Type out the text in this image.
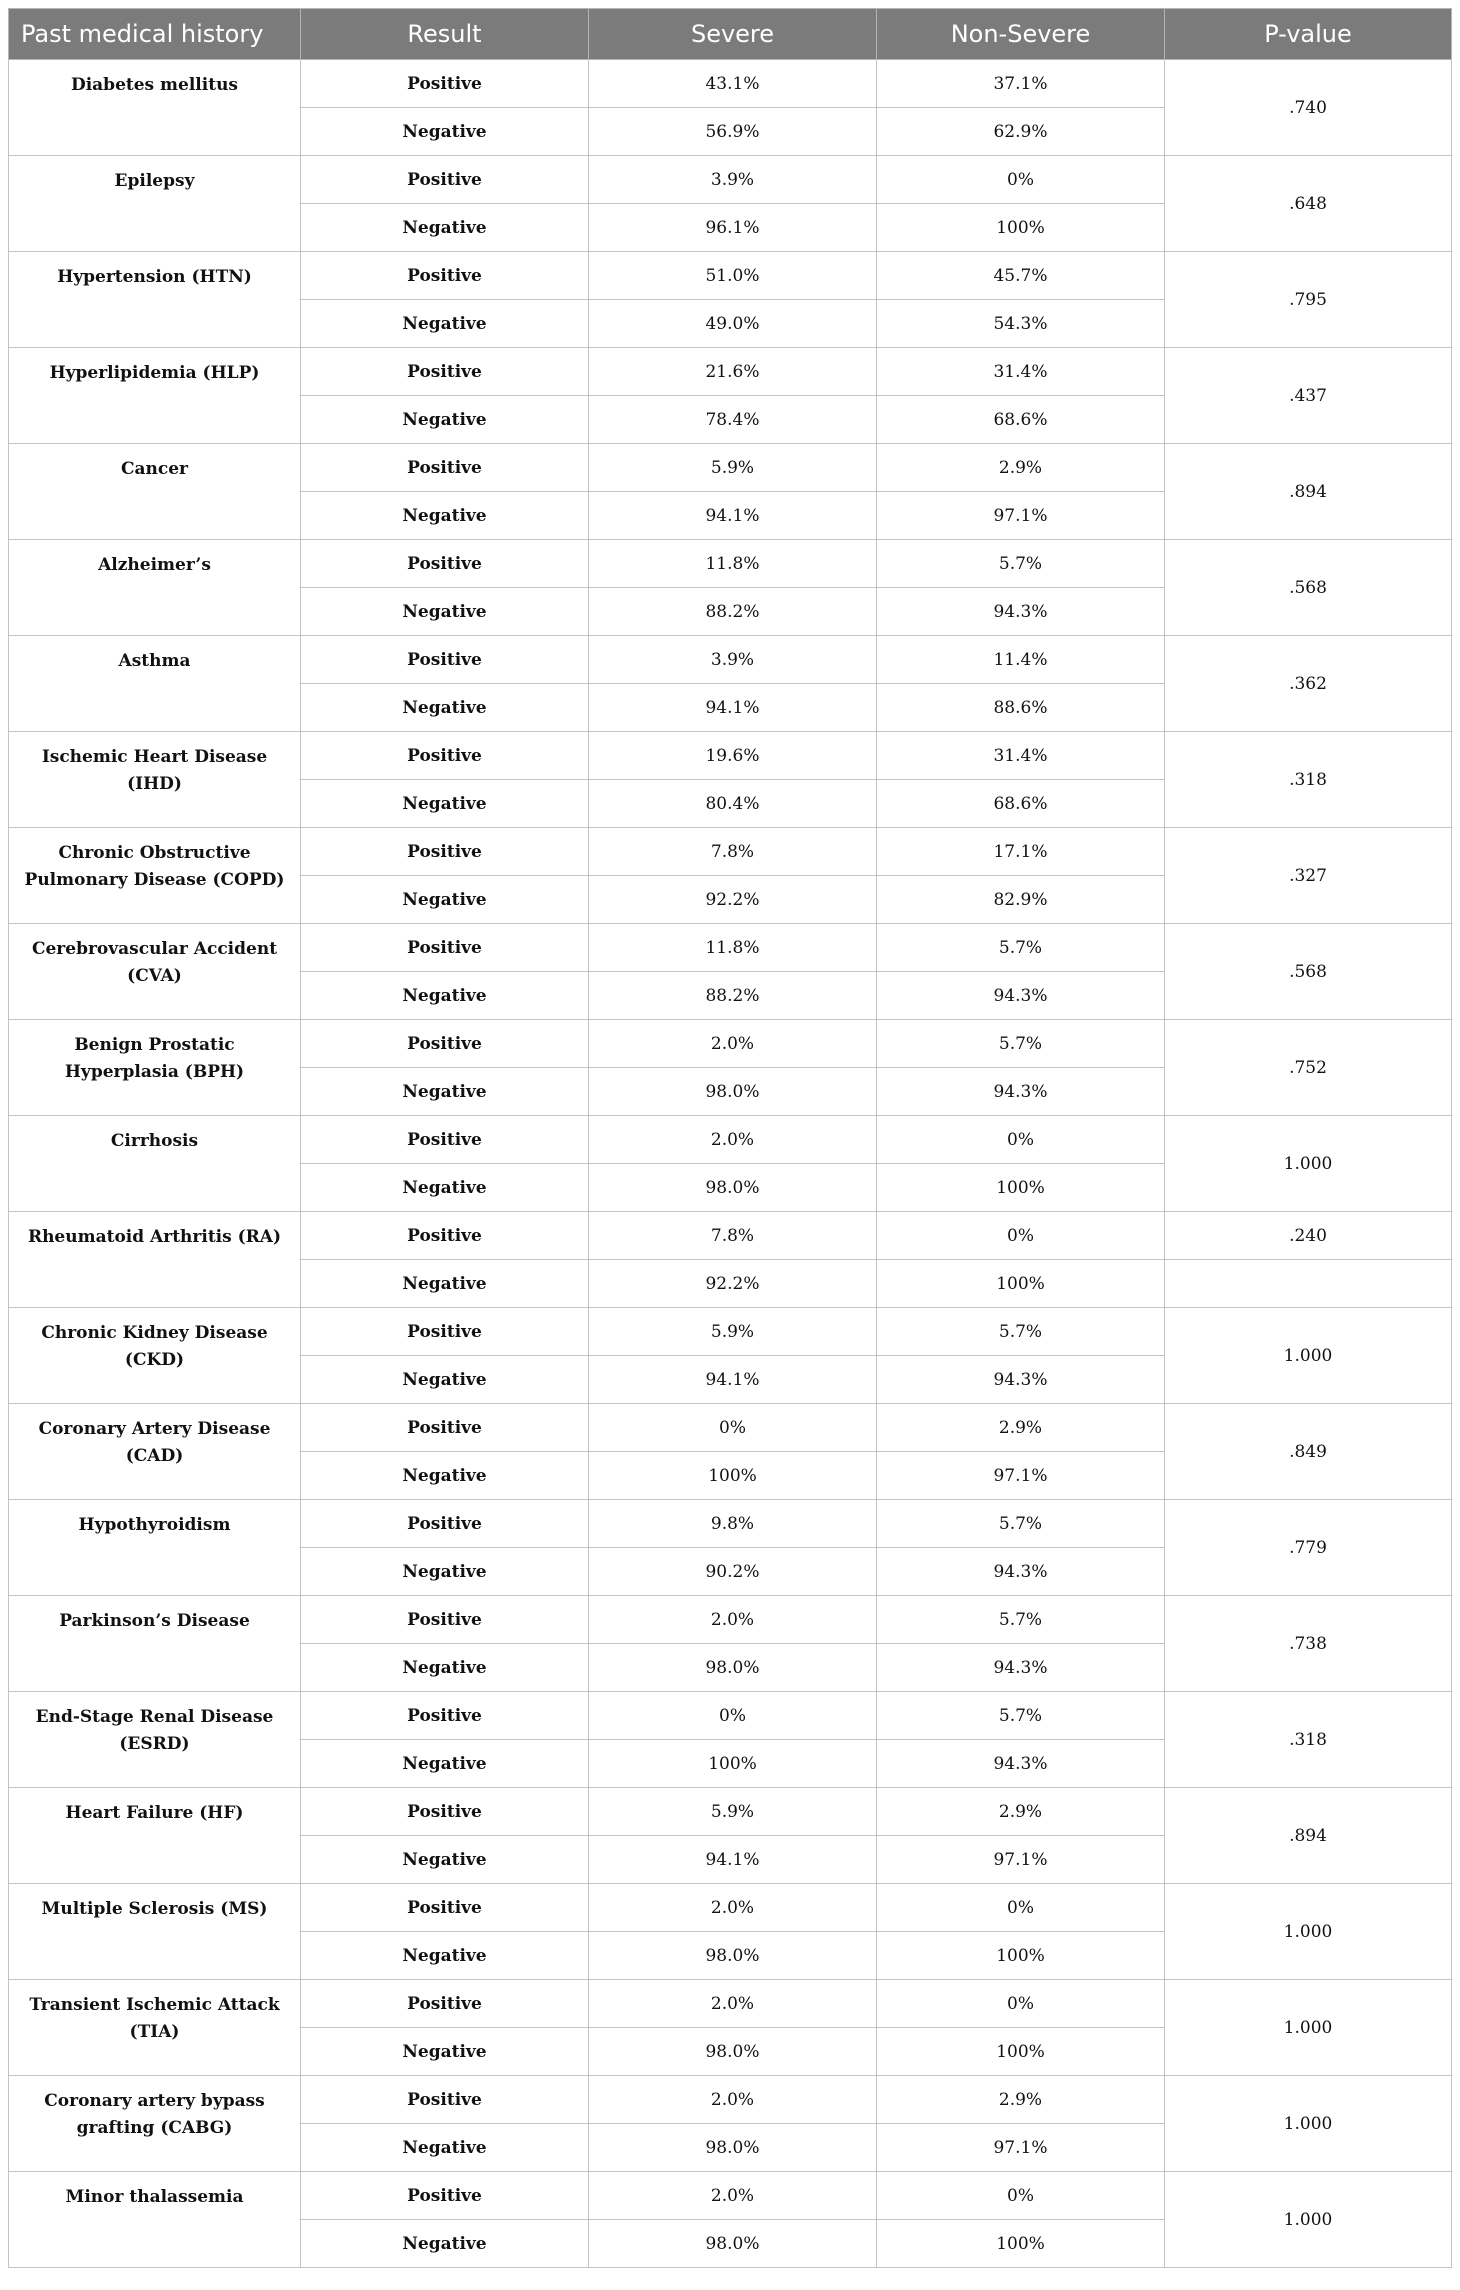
Past medical history	Result	Severe	Non-Severe	P-value
Diabetes mellitus	Positive	43.1%	37.1%	.740
	Negative	56.9%	62.9%	
Epilepsy	Positive	3.9%	0%	.648
	Negative	96.1%	100%	
Hypertension (HTN)	Positive	51.0%	45.7%	.795
	Negative	49.0%	54.3%	
Hyperlipidemia (HLP)	Positive	21.6%	31.4%	.437
	Negative	78.4%	68.6%	
Cancer	Positive	5.9%	2.9%	.894
	Negative	94.1%	97.1%	
Alzheimer’s	Positive	11.8%	5.7%	.568
	Negative	88.2%	94.3%	
Asthma	Positive	3.9%	11.4%	.362
	Negative	94.1%	88.6%	
Ischemic Heart Disease (IHD)	Positive	19.6%	31.4%	.318
	Negative	80.4%	68.6%	
Chronic Obstructive Pulmonary Disease (COPD)	Positive	7.8%	17.1%	.327
	Negative	92.2%	82.9%	
Cerebrovascular Accident (CVA)	Positive	11.8%	5.7%	.568
	Negative	88.2%	94.3%	
Benign Prostatic Hyperplasia (BPH)	Positive	2.0%	5.7%	.752
	Negative	98.0%	94.3%	
Cirrhosis	Positive	2.0%	0%	1.000
	Negative	98.0%	100%	
Rheumatoid Arthritis (RA)	Positive	7.8%	0%	.240
	Negative	92.2%	100%	
Chronic Kidney Disease (CKD)	Positive	5.9%	5.7%	1.000
	Negative	94.1%	94.3%	
Coronary Artery Disease (CAD)	Positive	0%	2.9%	.849
	Negative	100%	97.1%	
Hypothyroidism	Positive	9.8%	5.7%	.779
	Negative	90.2%	94.3%	
Parkinson’s Disease	Positive	2.0%	5.7%	.738
	Negative	98.0%	94.3%	
End-Stage Renal Disease (ESRD)	Positive	0%	5.7%	.318
	Negative	100%	94.3%	
Heart Failure (HF)	Positive	5.9%	2.9%	.894
	Negative	94.1%	97.1%	
Multiple Sclerosis (MS)	Positive	2.0%	0%	1.000
	Negative	98.0%	100%	
Transient Ischemic Attack (TIA)	Positive	2.0%	0%	1.000
	Negative	98.0%	100%	
Coronary artery bypass grafting (CABG)	Positive	2.0%	2.9%	1.000
	Negative	98.0%	97.1%	
Minor thalassemia	Positive	2.0%	0%	1.000
	Negative	98.0%	100%	
